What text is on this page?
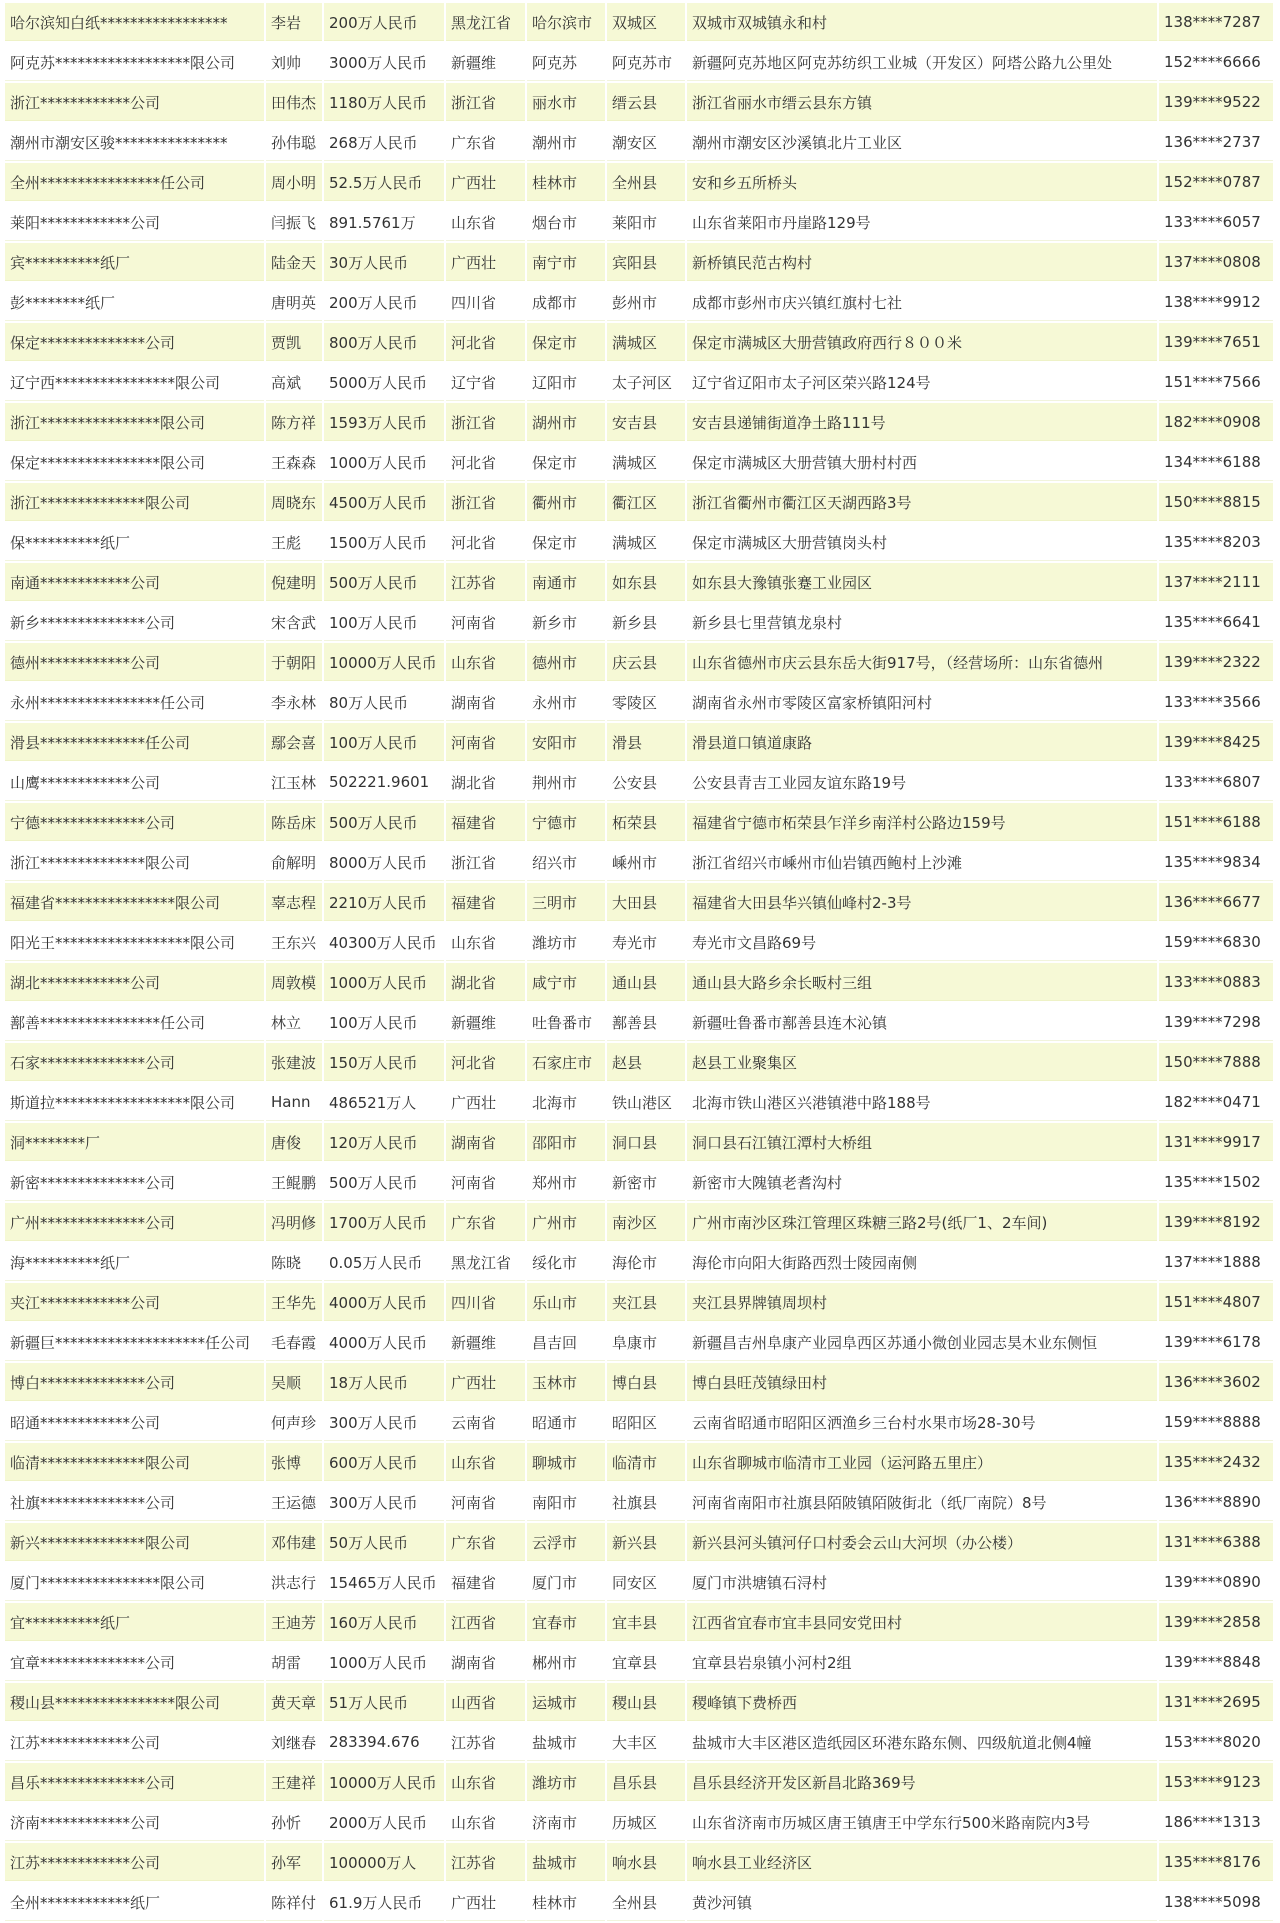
哈尔滨知白纸*****************	李岩	200万人民币	黑龙江省	哈尔滨市	双城区	双城市双城镇永和村	138****7287
阿克苏******************限公司	刘帅	3000万人民币	新疆维	阿克苏	阿克苏市	新疆阿克苏地区阿克苏纺织工业城（开发区）阿塔公路九公里处	152****6666
浙江************公司	田伟杰	1180万人民币	浙江省	丽水市	缙云县	浙江省丽水市缙云县东方镇	139****9522
潮州市潮安区骏***************	孙伟聪	268万人民币	广东省	潮州市	潮安区	潮州市潮安区沙溪镇北片工业区	136****2737
全州****************任公司	周小明	52.5万人民币	广西壮	桂林市	全州县	安和乡五所桥头	152****0787
莱阳************公司	闫振飞	891.5761万	山东省	烟台市	莱阳市	山东省莱阳市丹崖路129号	133****6057
宾**********纸厂	陆金天	30万人民币	广西壮	南宁市	宾阳县	新桥镇民范古构村	137****0808
彭********纸厂	唐明英	200万人民币	四川省	成都市	彭州市	成都市彭州市庆兴镇红旗村七社	138****9912
保定**************公司	贾凯	800万人民币	河北省	保定市	满城区	保定市满城区大册营镇政府西行８００米	139****7651
辽宁西****************限公司	高斌	5000万人民币	辽宁省	辽阳市	太子河区	辽宁省辽阳市太子河区荣兴路124号	151****7566
浙江****************限公司	陈方祥	1593万人民币	浙江省	湖州市	安吉县	安吉县递铺街道净土路111号	182****0908
保定****************限公司	王森森	1000万人民币	河北省	保定市	满城区	保定市满城区大册营镇大册村村西	134****6188
浙江**************限公司	周晓东	4500万人民币	浙江省	衢州市	衢江区	浙江省衢州市衢江区天湖西路3号	150****8815
保**********纸厂	王彪	1500万人民币	河北省	保定市	满城区	保定市满城区大册营镇岗头村	135****8203
南通************公司	倪建明	500万人民币	江苏省	南通市	如东县	如东县大豫镇张蹇工业园区	137****2111
新乡**************公司	宋含武	100万人民币	河南省	新乡市	新乡县	新乡县七里营镇龙泉村	135****6641
德州************公司	于朝阳	10000万人民币	山东省	德州市	庆云县	山东省德州市庆云县东岳大街917号，（经营场所：山东省德州	139****2322
永州****************任公司	李永林	80万人民币	湖南省	永州市	零陵区	湖南省永州市零陵区富家桥镇阳河村	133****3566
滑县**************任公司	鄢会喜	100万人民币	河南省	安阳市	滑县	滑县道口镇道康路	139****8425
山鹰************公司	江玉林	502221.9601	湖北省	荆州市	公安县	公安县青吉工业园友谊东路19号	133****6807
宁德**************公司	陈岳床	500万人民币	福建省	宁德市	柘荣县	福建省宁德市柘荣县乍洋乡南洋村公路边159号	151****6188
浙江**************限公司	俞解明	8000万人民币	浙江省	绍兴市	嵊州市	浙江省绍兴市嵊州市仙岩镇西鲍村上沙滩	135****9834
福建省****************限公司	辜志程	2210万人民币	福建省	三明市	大田县	福建省大田县华兴镇仙峰村2-3号	136****6677
阳光王******************限公司	王东兴	40300万人民币	山东省	潍坊市	寿光市	寿光市文昌路69号	159****6830
湖北************公司	周敦模	1000万人民币	湖北省	咸宁市	通山县	通山县大路乡余长畈村三组	133****0883
鄯善****************任公司	林立	100万人民币	新疆维	吐鲁番市	鄯善县	新疆吐鲁番市鄯善县连木沁镇	139****7298
石家**************公司	张建波	150万人民币	河北省	石家庄市	赵县	赵县工业聚集区	150****7888
斯道拉******************限公司	Hann	486521万人	广西壮	北海市	铁山港区	北海市铁山港区兴港镇港中路188号	182****0471
洞********厂	唐俊	120万人民币	湖南省	邵阳市	洞口县	洞口县石江镇江潭村大桥组	131****9917
新密**************公司	王鲲鹏	500万人民币	河南省	郑州市	新密市	新密市大隗镇老耆沟村	135****1502
广州**************公司	冯明修	1700万人民币	广东省	广州市	南沙区	广州市南沙区珠江管理区珠糖三路2号(纸厂1、2车间)	139****8192
海**********纸厂	陈晓	0.05万人民币	黑龙江省	绥化市	海伦市	海伦市向阳大街路西烈士陵园南侧	137****1888
夹江************公司	王华先	4000万人民币	四川省	乐山市	夹江县	夹江县界牌镇周坝村	151****4807
新疆巨********************任公司	毛春霞	4000万人民币	新疆维	昌吉回	阜康市	新疆昌吉州阜康产业园阜西区苏通小微创业园志昊木业东侧恒	139****6178
博白**************公司	吴顺	18万人民币	广西壮	玉林市	博白县	博白县旺茂镇绿田村	136****3602
昭通************公司	何声珍	300万人民币	云南省	昭通市	昭阳区	云南省昭通市昭阳区洒渔乡三台村水果市场28-30号	159****8888
临清**************限公司	张博	600万人民币	山东省	聊城市	临清市	山东省聊城市临清市工业园（运河路五里庄）	135****2432
社旗**************公司	王运德	300万人民币	河南省	南阳市	社旗县	河南省南阳市社旗县陌陂镇陌陂街北（纸厂南院）8号	136****8890
新兴**************限公司	邓伟建	50万人民币	广东省	云浮市	新兴县	新兴县河头镇河仔口村委会云山大河坝（办公楼）	131****6388
厦门****************限公司	洪志行	15465万人民币	福建省	厦门市	同安区	厦门市洪塘镇石浔村	139****0890
宜**********纸厂	王迪芳	160万人民币	江西省	宜春市	宜丰县	江西省宜春市宜丰县同安党田村	139****2858
宜章**************公司	胡雷	1000万人民币	湖南省	郴州市	宜章县	宜章县岩泉镇小河村2组	139****8848
稷山县****************限公司	黄天章	51万人民币	山西省	运城市	稷山县	稷峰镇下费桥西	131****2695
江苏************公司	刘继春	283394.676	江苏省	盐城市	大丰区	盐城市大丰区港区造纸园区环港东路东侧、四级航道北侧4幢	153****8020
昌乐**************公司	王建祥	10000万人民币	山东省	潍坊市	昌乐县	昌乐县经济开发区新昌北路369号	153****9123
济南************公司	孙忻	2000万人民币	山东省	济南市	历城区	山东省济南市历城区唐王镇唐王中学东行500米路南院内3号	186****1313
江苏************公司	孙军	100000万人	江苏省	盐城市	响水县	响水县工业经济区	135****8176
全州************纸厂	陈祥付	61.9万人民币	广西壮	桂林市	全州县	黄沙河镇	138****5098
